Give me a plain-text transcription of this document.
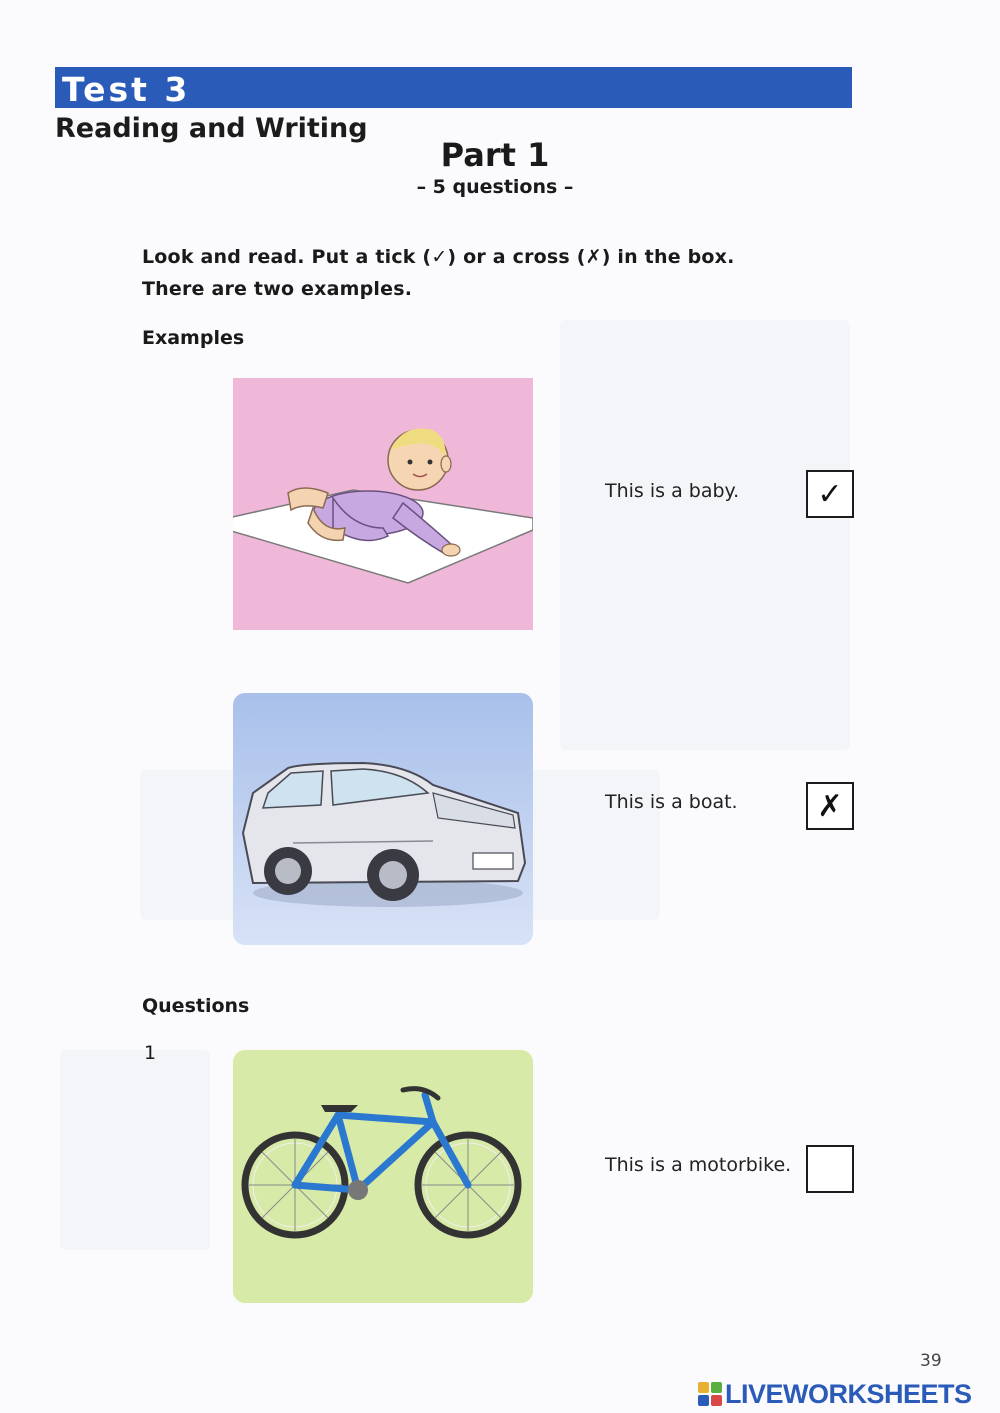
Test 3
Reading and Writing
Part 1
– 5 questions –
Look and read. Put a tick (✓) or a cross (✗) in the box.
There are two examples.
Examples
This is a baby.	✓
This is a boat.	✗
Questions
1
This is a motorbike.
39
LIVEWORKSHEETS
